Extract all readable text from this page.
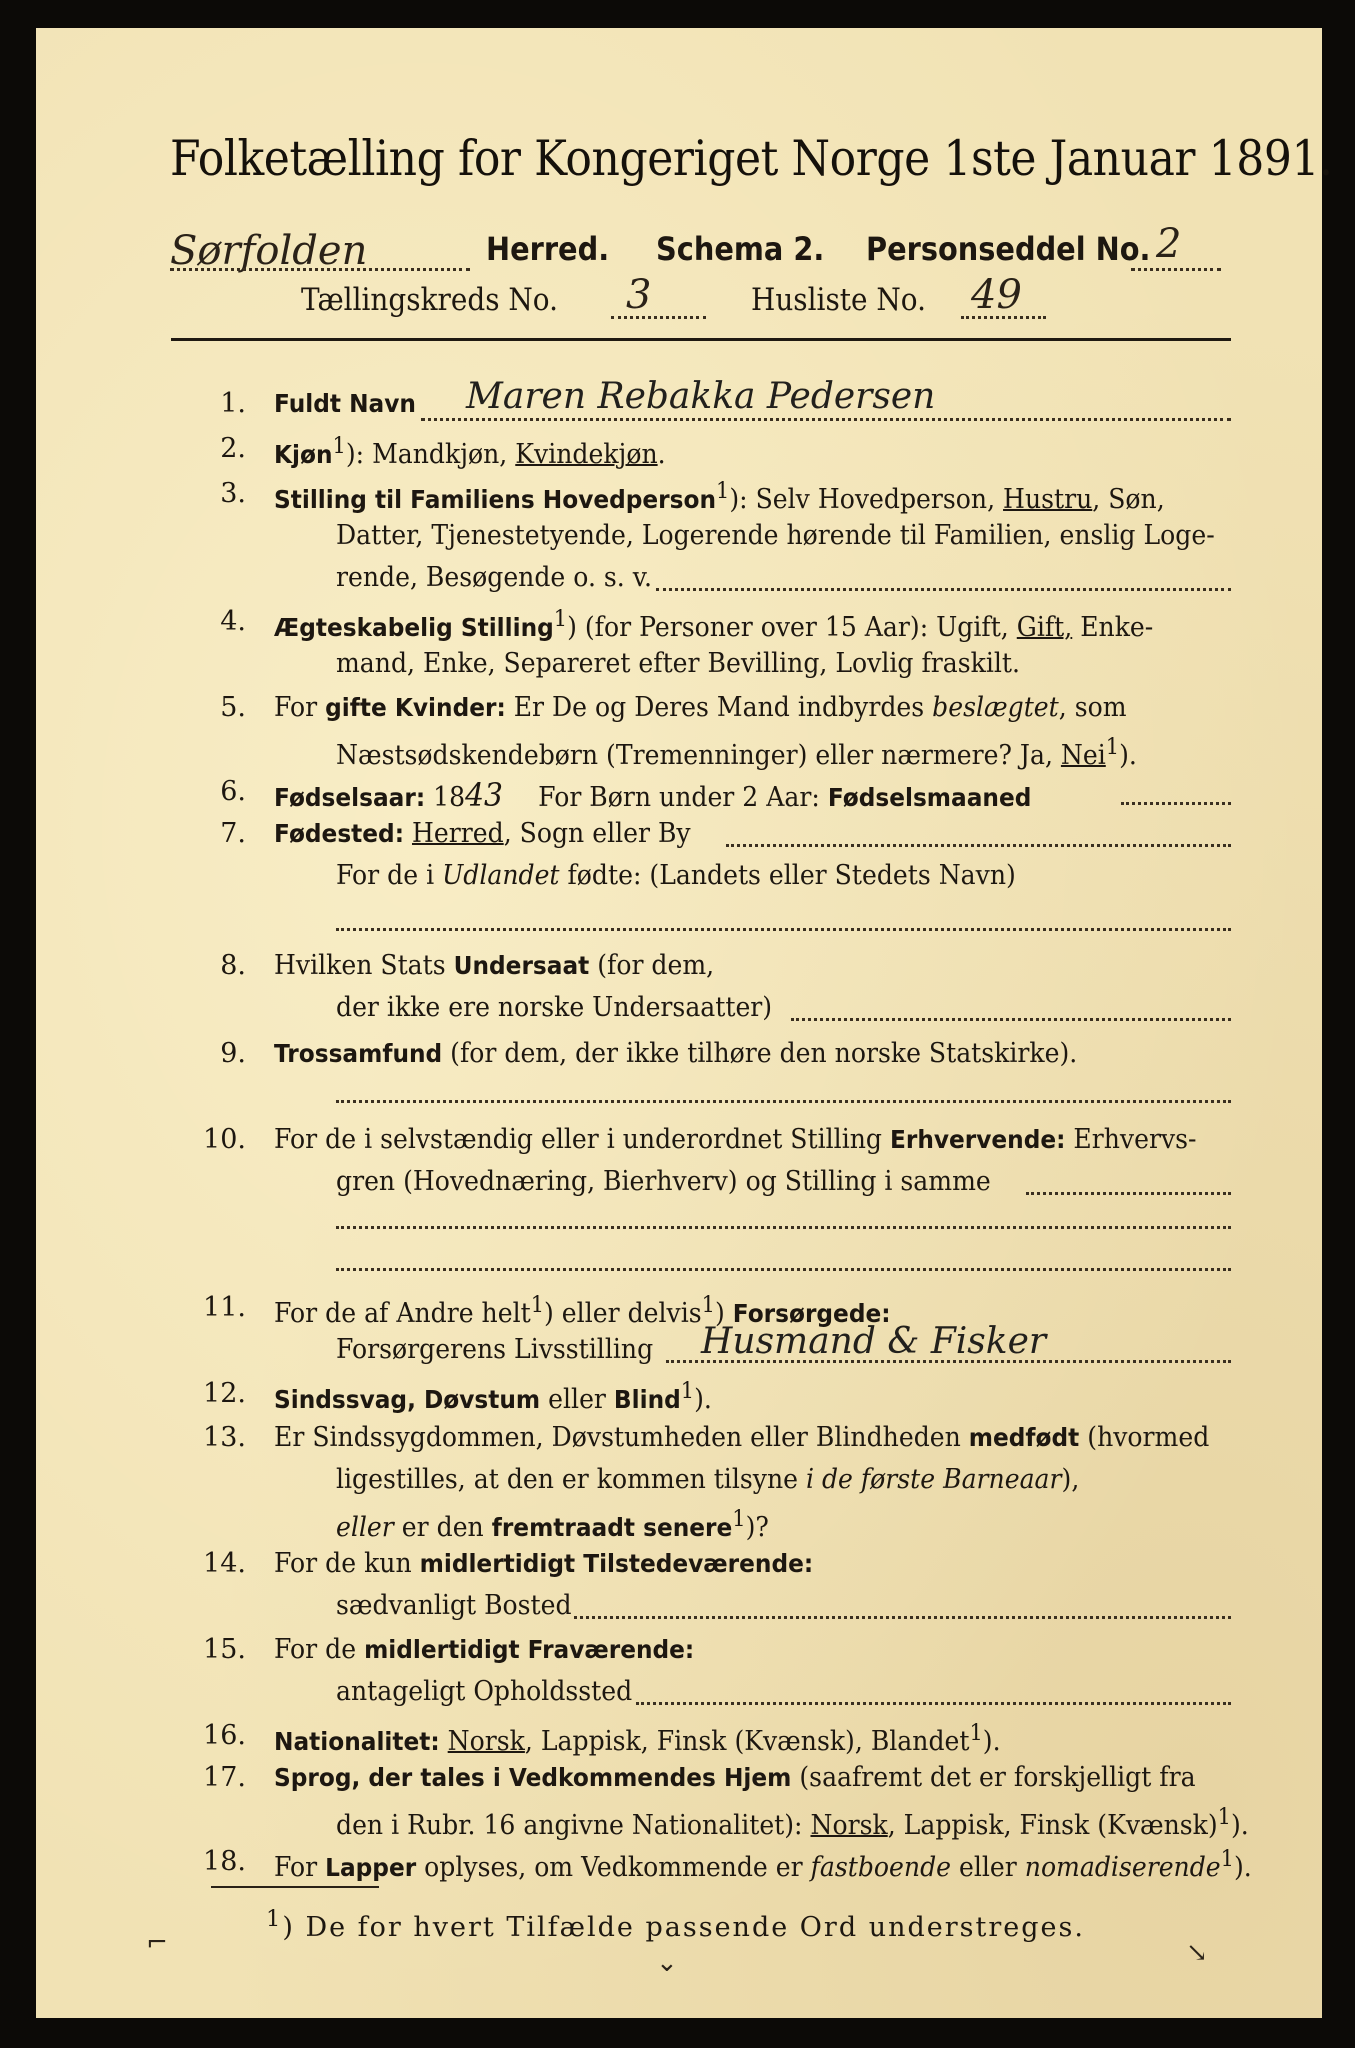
Folketælling for Kongeriget Norge 1ste Januar 1891.
Sørfolden	Herred. Schema 2. Personseddel No. 2
Tællingskreds No. 3	Husliste No. 49
1. Fuldt Navn Maren Rebakka Pedersen
2. Kjøn$^1$): Mandkjøn, Kvindekjøn.
3. Stilling til Familiens Hovedperson$^1$): Selv Hovedperson, Hustru, Søn,
Datter, Tjenestetyende, Logerende hørende til Familien, enslig Loge-
rende, Besøgende o. s. v.
4. Ægteskabelig Stilling$^1$) (for Personer over 15 Aar): Ugift, Gift, Enke-
mand, Enke, Separeret efter Bevilling, Lovlig fraskilt.
5. For gifte Kvinder: Er De og Deres Mand indbyrdes beslægtet, som
Næstsødskendebørn (Tremenninger) eller nærmere? Ja, Nei$^1$).
6. Fødselsaar: 1843 For Børn under 2 Aar: Fødselsmaaned
7. Fødested: Herred, Sogn eller By
For de i Udlandet fødte: (Landets eller Stedets Navn)
8. Hvilken Stats Undersaat (for dem,
der ikke ere norske Undersaatter)
9. Trossamfund (for dem, der ikke tilhøre den norske Statskirke).
10. For de i selvstændig eller i underordnet Stilling Erhvervende: Erhvervs-
gren (Hovednæring, Bierhverv) og Stilling i samme
11. For de af Andre helt$^1$) eller delvis$^1$) Forsørgede:
Forsørgerens Livsstilling Husmand & Fisker
12. Sindssvag, Døvstum eller Blind$^1$).
13. Er Sindssygdommen, Døvstumheden eller Blindheden medfødt (hvormed
ligestilles, at den er kommen tilsyne i de første Barneaar),
eller er den fremtraadt senere$^1$)?
14. For de kun midlertidigt Tilstedeværende:
sædvanligt Bosted
15. For de midlertidigt Fraværende:
antageligt Opholdssted
16. Nationalitet: Norsk, Lappisk, Finsk (Kvænsk), Blandet$^1$).
17. Sprog, der tales i Vedkommendes Hjem (saafremt det er forskjelligt fra
den i Rubr. 16 angivne Nationalitet): Norsk, Lappisk, Finsk (Kvænsk)$^1$).
18. For Lapper oplyses, om Vedkommende er fastboende eller nomadiserende$^1$).
$^1$) De for hvert Tilfælde passende Ord understreges.
⌐
⌄	↘
